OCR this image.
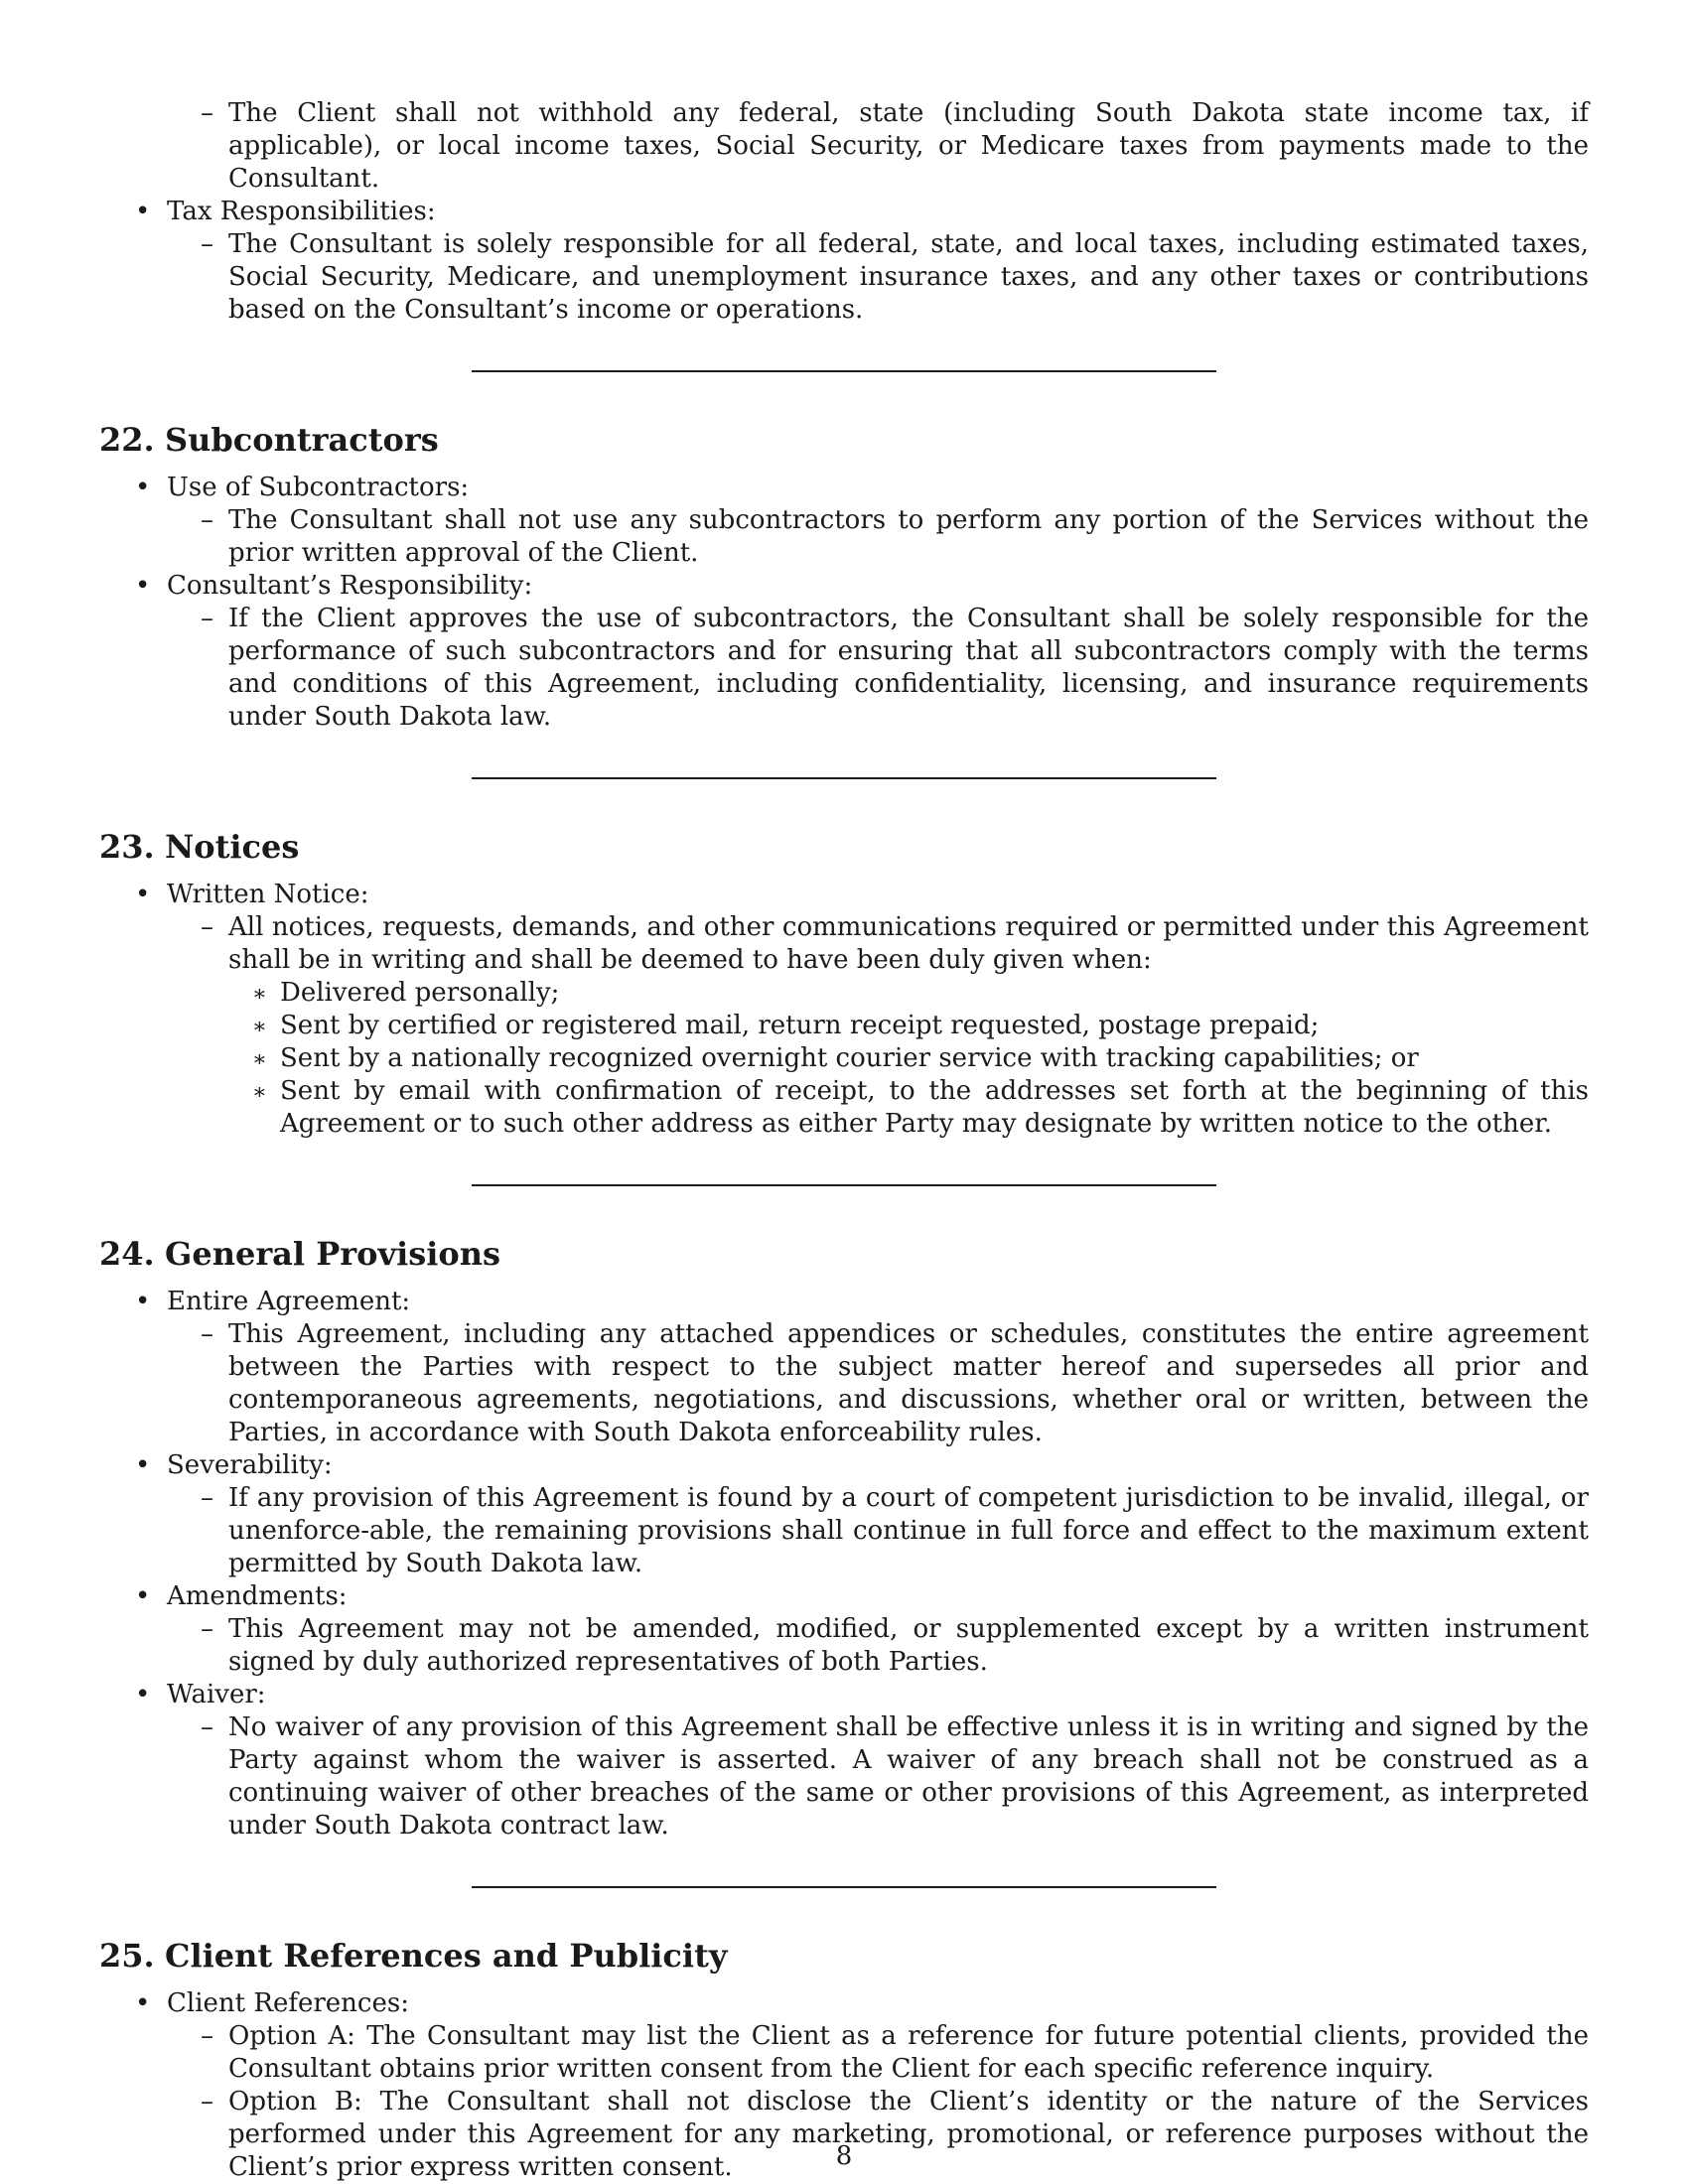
– The Client shall not withhold any federal, state (including South Dakota state income tax, if applicable), or local income taxes, Social Security, or Medicare taxes from payments made to the Consultant.
• Tax Responsibilities:
– The Consultant is solely responsible for all federal, state, and local taxes, including estimated taxes, Social Security, Medicare, and unemployment insurance taxes, and any other taxes or contributions based on the Consultant’s income or operations.
22. Subcontractors
• Use of Subcontractors:
– The Consultant shall not use any subcontractors to perform any portion of the Services without the prior written approval of the Client.
• Consultant’s Responsibility:
– If the Client approves the use of subcontractors, the Consultant shall be solely responsible for the performance of such subcontractors and for ensuring that all subcontractors comply with the terms and conditions of this Agreement, including confidentiality, licensing, and insurance requirements under South Dakota law.
23. Notices
• Written Notice:
– All notices, requests, demands, and other communications required or permitted under this Agreement shall be in writing and shall be deemed to have been duly given when:
∗ Delivered personally;
∗ Sent by certified or registered mail, return receipt requested, postage prepaid;
∗ Sent by a nationally recognized overnight courier service with tracking capabilities; or
∗ Sent by email with confirmation of receipt, to the addresses set forth at the beginning of this Agreement or to such other address as either Party may designate by written notice to the other.
24. General Provisions
• Entire Agreement:
– This Agreement, including any attached appendices or schedules, constitutes the entire agreement between the Parties with respect to the subject matter hereof and supersedes all prior and contemporaneous agreements, negotiations, and discussions, whether oral or written, between the Parties, in accordance with South Dakota enforceability rules.
• Severability:
– If any provision of this Agreement is found by a court of competent jurisdiction to be invalid, illegal, or unenforce-able, the remaining provisions shall continue in full force and effect to the maximum extent permitted by South Dakota law.
• Amendments:
– This Agreement may not be amended, modified, or supplemented except by a written instrument signed by duly authorized representatives of both Parties.
• Waiver:
– No waiver of any provision of this Agreement shall be effective unless it is in writing and signed by the Party against whom the waiver is asserted. A waiver of any breach shall not be construed as a continuing waiver of other breaches of the same or other provisions of this Agreement, as interpreted under South Dakota contract law.
25. Client References and Publicity
• Client References:
– Option A: The Consultant may list the Client as a reference for future potential clients, provided the Consultant obtains prior written consent from the Client for each specific reference inquiry.
– Option B: The Consultant shall not disclose the Client’s identity or the nature of the Services performed under this Agreement for any marketing, promotional, or reference purposes without the Client’s prior express written consent.	8
